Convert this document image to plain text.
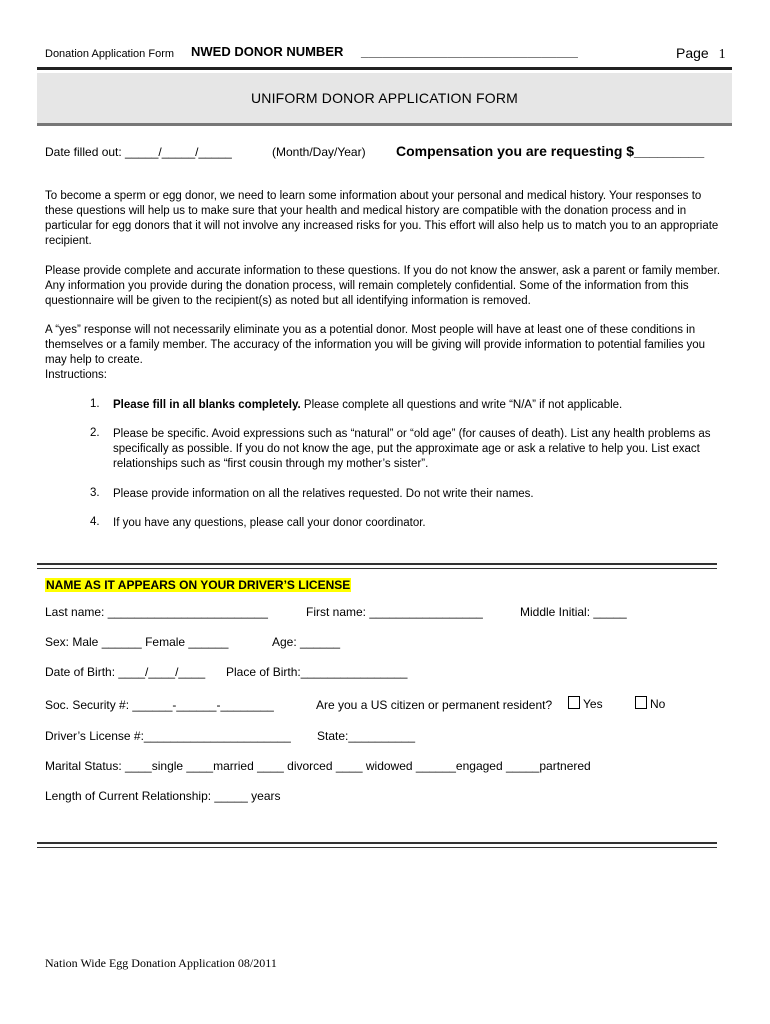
Donation Application Form NWED DONOR NUMBER ______________________________	Page 1
UNIFORM DONOR APPLICATION FORM
Date filled out: _____/_____/_____	(Month/Day/Year) Compensation you are requesting $_________
To become a sperm or egg donor, we need to learn some information about your personal and medical history. Your responses to these questions will help us to make sure that your health and medical history are compatible with the donation process and in particular for egg donors that it will not involve any increased risks for you. This effort will also help us to match you to an appropriate recipient.
Please provide complete and accurate information to these questions. If you do not know the answer, ask a parent or family member. Any information you provide during the donation process, will remain completely confidential. Some of the information from this questionnaire will be given to the recipient(s) as noted but all identifying information is removed.
A “yes” response will not necessarily eliminate you as a potential donor. Most people will have at least one of these conditions in themselves or a family member. The accuracy of the information you will be giving will provide information to potential families you may help to create.
Instructions:
1. Please fill in all blanks completely. Please complete all questions and write “N/A” if not applicable.
2. Please be specific. Avoid expressions such as “natural” or “old age” (for causes of death). List any health problems as specifically as possible. If you do not know the age, put the approximate age or ask a relative to help you. List exact relationships such as “first cousin through my mother’s sister”.
3. Please provide information on all the relatives requested. Do not write their names.
4. If you have any questions, please call your donor coordinator.
NAME AS IT APPEARS ON YOUR DRIVER’S LICENSE
Last name: ________________________	First name: _________________	Middle Initial: _____
Sex: Male ______ Female ______	Age: ______
Date of Birth: ____/____/____ Place of Birth:________________
Soc. Security #: ______-______-________	Are you a US citizen or permanent resident?	Yes	No
Driver’s License #:______________________ State:__________
Marital Status: ____single ____married ____ divorced ____ widowed ______engaged _____partnered
Length of Current Relationship: _____ years
Nation Wide Egg Donation Application 08/2011
